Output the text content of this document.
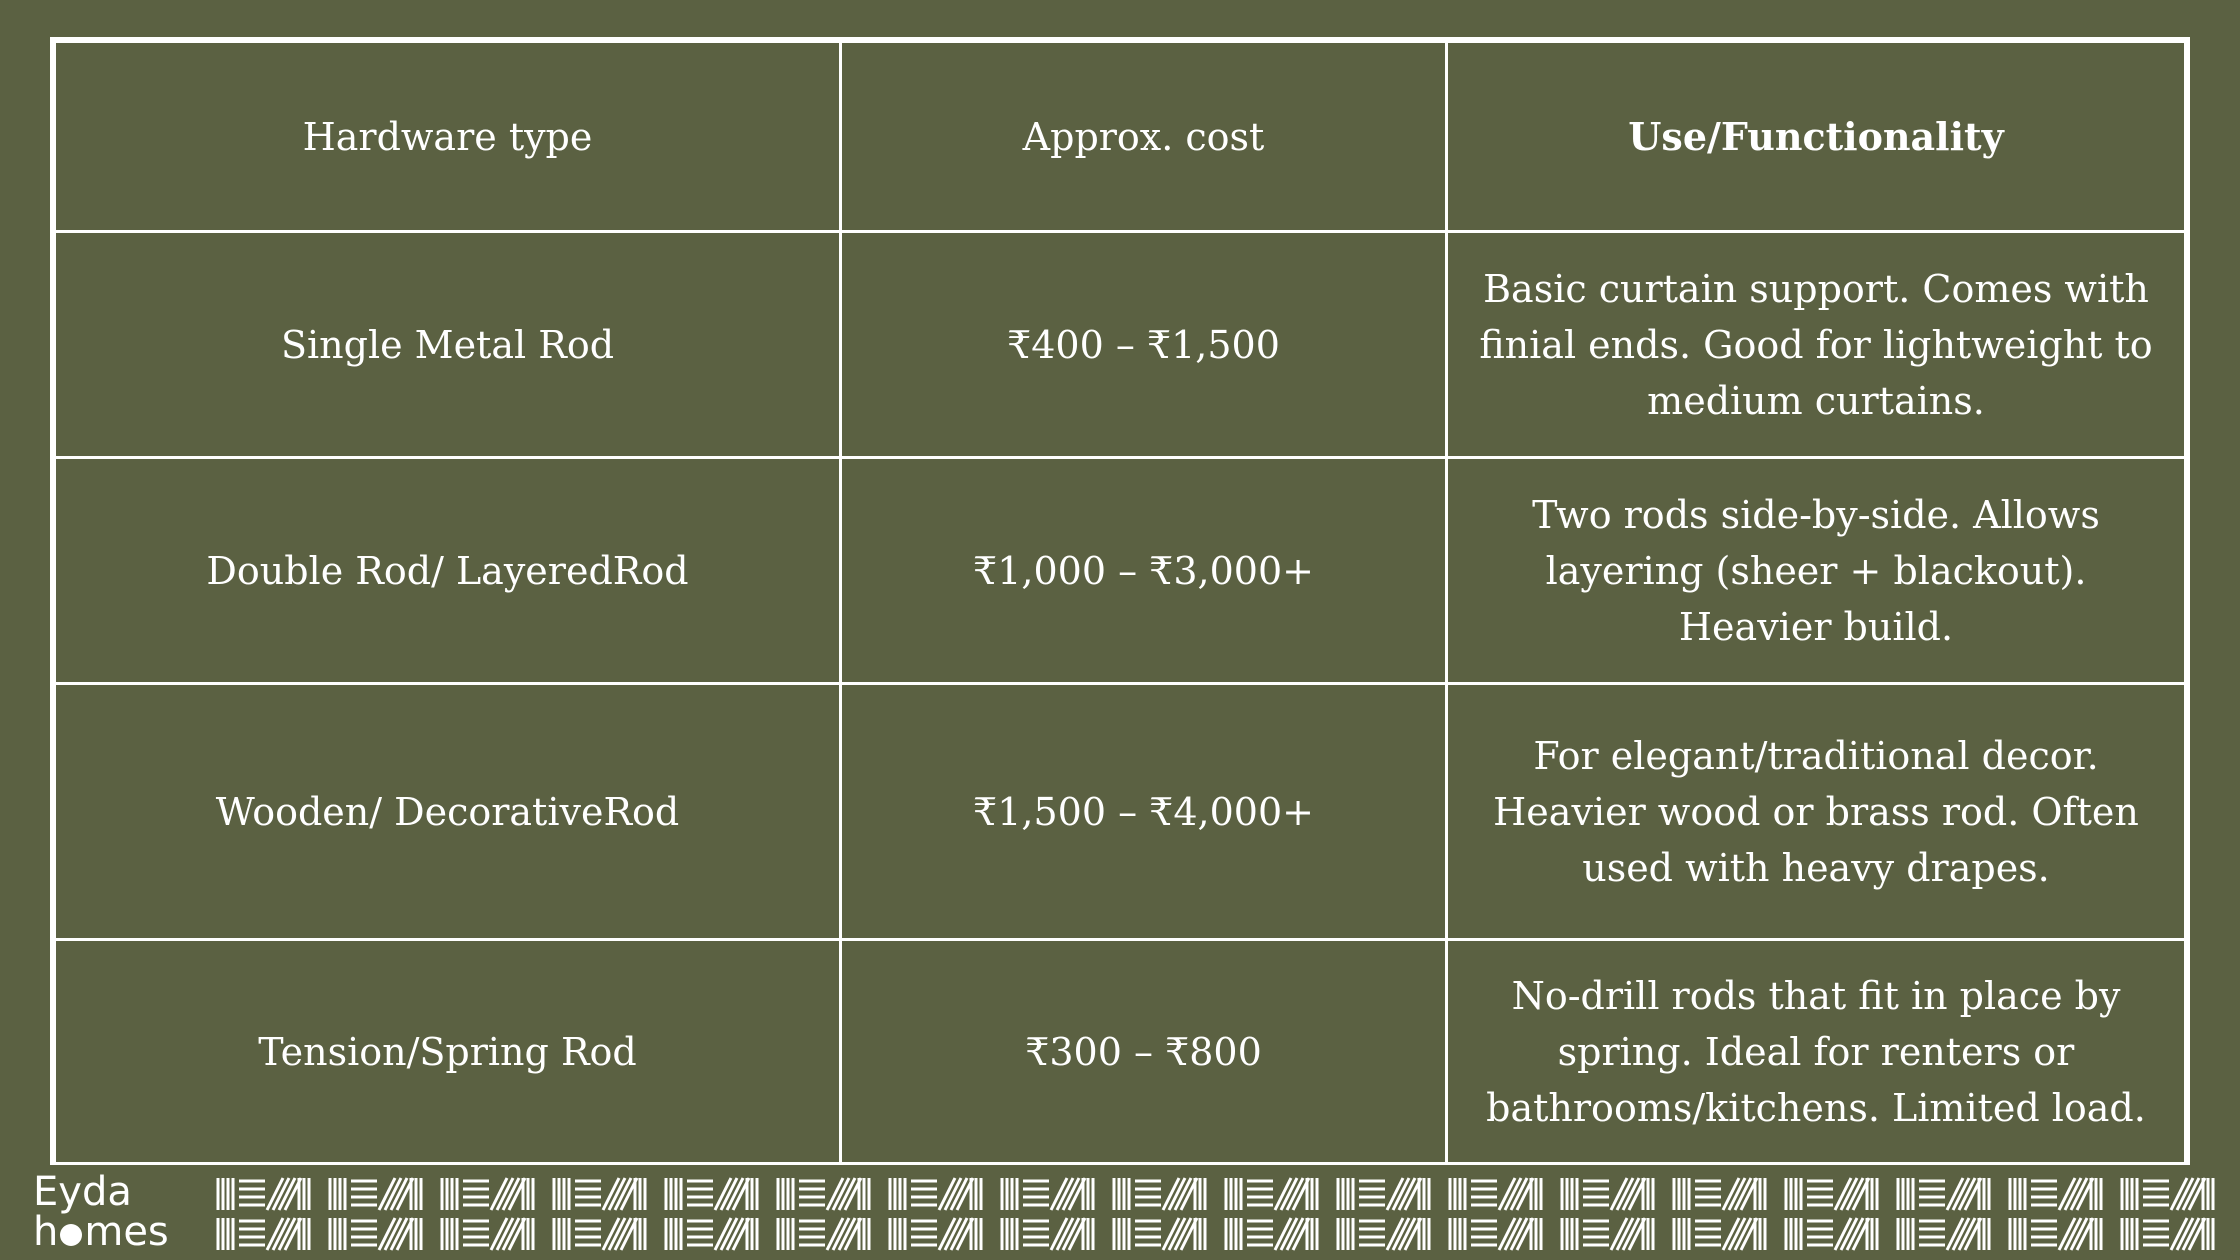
Hardware type	Approx. cost	Use/Functionality
Single Metal Rod	₹400 – ₹1,500	Basic curtain support. Comes with finial ends. Good for lightweight to medium curtains.
Double Rod/ LayeredRod	₹1,000 – ₹3,000+	Two rods side-by-side. Allows layering (sheer + blackout). Heavier build.
Wooden/ DecorativeRod	₹1,500 – ₹4,000+	For elegant/traditional decor. Heavier wood or brass rod. Often used with heavy drapes.
Tension/Spring Rod	₹300 – ₹800	No-drill rods that fit in place by spring. Ideal for renters or bathrooms/kitchens. Limited load.
Eyda
h mes
